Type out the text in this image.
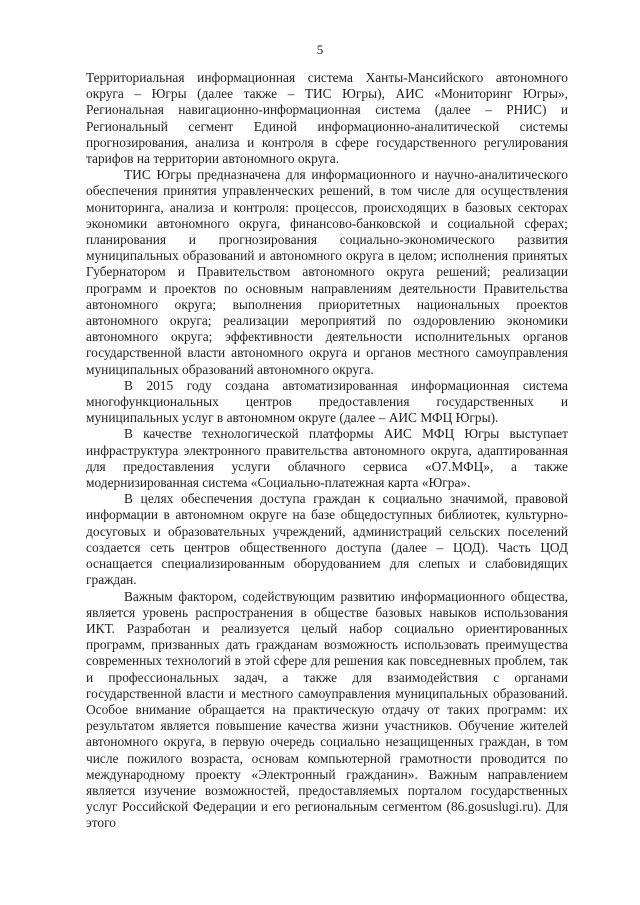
5

Территориальная информационная система Ханты-Мансийского автономного округа – Югры (далее также – ТИС Югры), АИС «Мониторинг Югры», Региональная навигационно-информационная система (далее – РНИС) и Региональный сегмент Единой информационно-аналитической системы прогнозирования, анализа и контроля в сфере государственного регулирования тарифов на территории автономного округа.

ТИС Югры предназначена для информационного и научно-аналитического обеспечения принятия управленческих решений, в том числе для осуществления мониторинга, анализа и контроля: процессов, происходящих в базовых секторах экономики автономного округа, финансово-банковской и социальной сферах; планирования и прогнозирования социально-экономического развития муниципальных образований и автономного округа в целом; исполнения принятых Губернатором и Правительством автономного округа решений; реализации программ и проектов по основным направлениям деятельности Правительства автономного округа; выполнения приоритетных национальных проектов автономного округа; реализации мероприятий по оздоровлению экономики автономного округа; эффективности деятельности исполнительных органов государственной власти автономного округа и органов местного самоуправления муниципальных образований автономного округа.

В 2015 году создана автоматизированная информационная система многофункциональных центров предоставления государственных и муниципальных услуг в автономном округе (далее – АИС МФЦ Югры).

В качестве технологической платформы АИС МФЦ Югры выступает инфраструктура электронного правительства автономного округа, адаптированная для предоставления услуги облачного сервиса «О7.МФЦ», а также модернизированная система «Социально-платежная карта «Югра».

В целях обеспечения доступа граждан к социально значимой, правовой информации в автономном округе на базе общедоступных библиотек, культурно-досуговых и образовательных учреждений, администраций сельских поселений создается сеть центров общественного доступа (далее – ЦОД). Часть ЦОД оснащается специализированным оборудованием для слепых и слабовидящих граждан.

Важным фактором, содействующим развитию информационного общества, является уровень распространения в обществе базовых навыков использования ИКТ. Разработан и реализуется целый набор социально ориентированных программ, призванных дать гражданам возможность использовать преимущества современных технологий в этой сфере для решения как повседневных проблем, так и профессиональных задач, а также для взаимодействия с органами государственной власти и местного самоуправления муниципальных образований. Особое внимание обращается на практическую отдачу от таких программ: их результатом является повышение качества жизни участников. Обучение жителей автономного округа, в первую очередь социально незащищенных граждан, в том числе пожилого возраста, основам компьютерной грамотности проводится по международному проекту «Электронный гражданин». Важным направлением является изучение возможностей, предоставляемых порталом государственных услуг Российской Федерации и его региональным сегментом (86.gosuslugi.ru). Для этого
